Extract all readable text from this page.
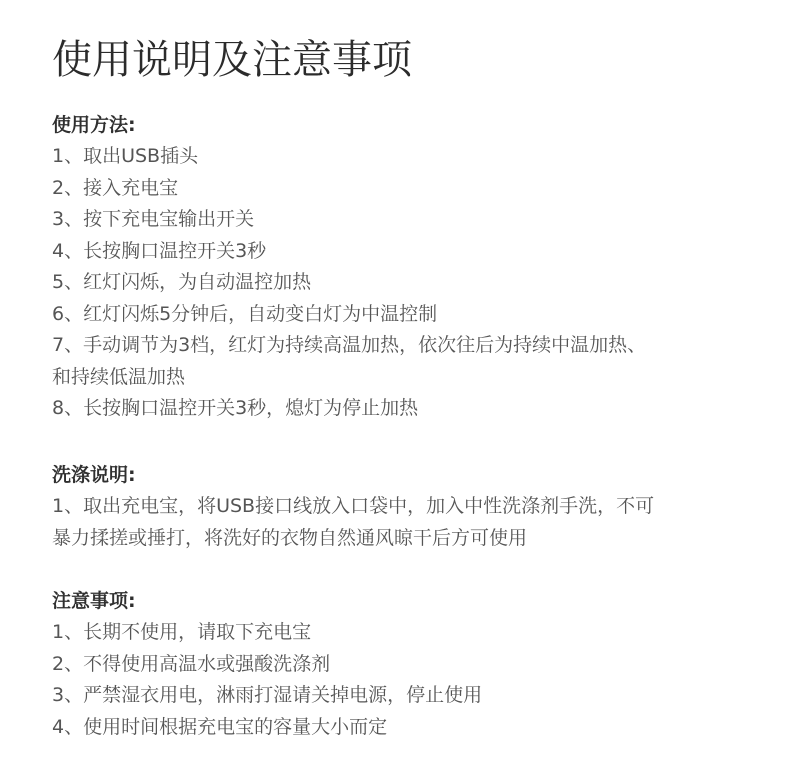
使用说明及注意事项

使用方法:

1、取出USB插头

2、接入充电宝

3、按下充电宝输出开关

4、长按胸口温控开关3秒

5、红灯闪烁，为自动温控加热

6、红灯闪烁5分钟后，自动变白灯为中温控制

7、手动调节为3档，红灯为持续高温加热，依次往后为持续中温加热、

和持续低温加热

8、长按胸口温控开关3秒，熄灯为停止加热

洗涤说明:

1、取出充电宝，将USB接口线放入口袋中，加入中性洗涤剂手洗，不可

暴力揉搓或捶打，将洗好的衣物自然通风晾干后方可使用

注意事项:

1、长期不使用，请取下充电宝

2、不得使用高温水或强酸洗涤剂

3、严禁湿衣用电，淋雨打湿请关掉电源，停止使用

4、使用时间根据充电宝的容量大小而定
